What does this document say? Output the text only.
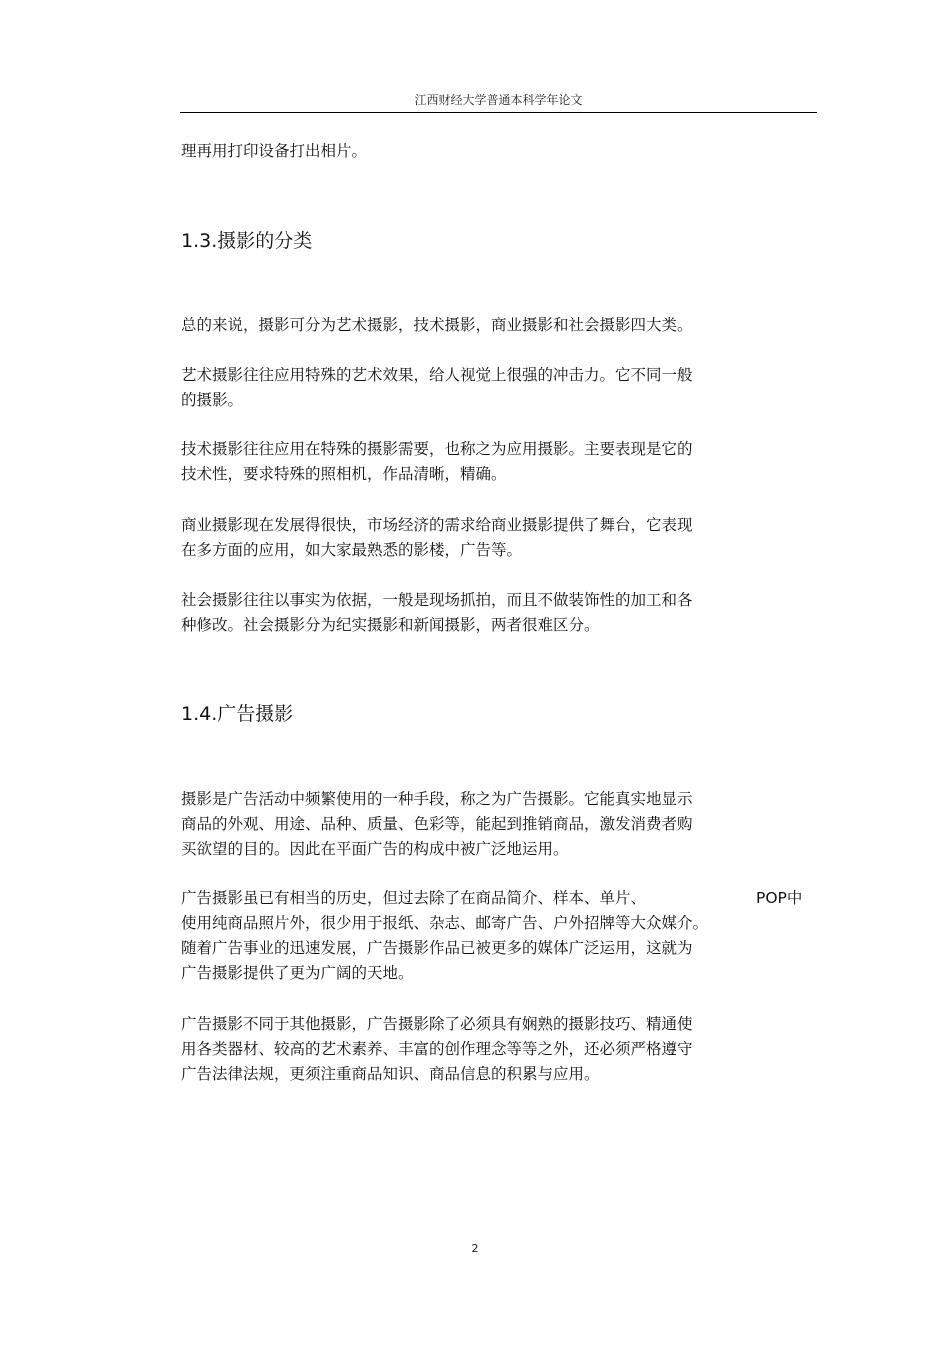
江西财经大学普通本科学年论文
理再用打印设备打出相片。
1.3.摄影的分类
总的来说，摄影可分为艺术摄影，技术摄影，商业摄影和社会摄影四大类。
艺术摄影往往应用特殊的艺术效果，给人视觉上很强的冲击力。它不同一般
的摄影。
技术摄影往往应用在特殊的摄影需要，也称之为应用摄影。主要表现是它的
技术性，要求特殊的照相机，作品清晰，精确。
商业摄影现在发展得很快，市场经济的需求给商业摄影提供了舞台，它表现
在多方面的应用，如大家最熟悉的影楼，广告等。
社会摄影往往以事实为依据，一般是现场抓拍，而且不做装饰性的加工和各
种修改。社会摄影分为纪实摄影和新闻摄影，两者很难区分。
1.4.广告摄影
摄影是广告活动中频繁使用的一种手段，称之为广告摄影。它能真实地显示
商品的外观、用途、品种、质量、色彩等，能起到推销商品，激发消费者购
买欲望的目的。因此在平面广告的构成中被广泛地运用。
广告摄影虽已有相当的历史，但过去除了在商品简介、样本、单片、	POP中
使用纯商品照片外，很少用于报纸、杂志、邮寄广告、户外招牌等大众媒介。
随着广告事业的迅速发展，广告摄影作品已被更多的媒体广泛运用，这就为
广告摄影提供了更为广阔的天地。
广告摄影不同于其他摄影，广告摄影除了必须具有娴熟的摄影技巧、精通使
用各类器材、较高的艺术素养、丰富的创作理念等等之外，还必须严格遵守
广告法律法规，更须注重商品知识、商品信息的积累与应用。
2
